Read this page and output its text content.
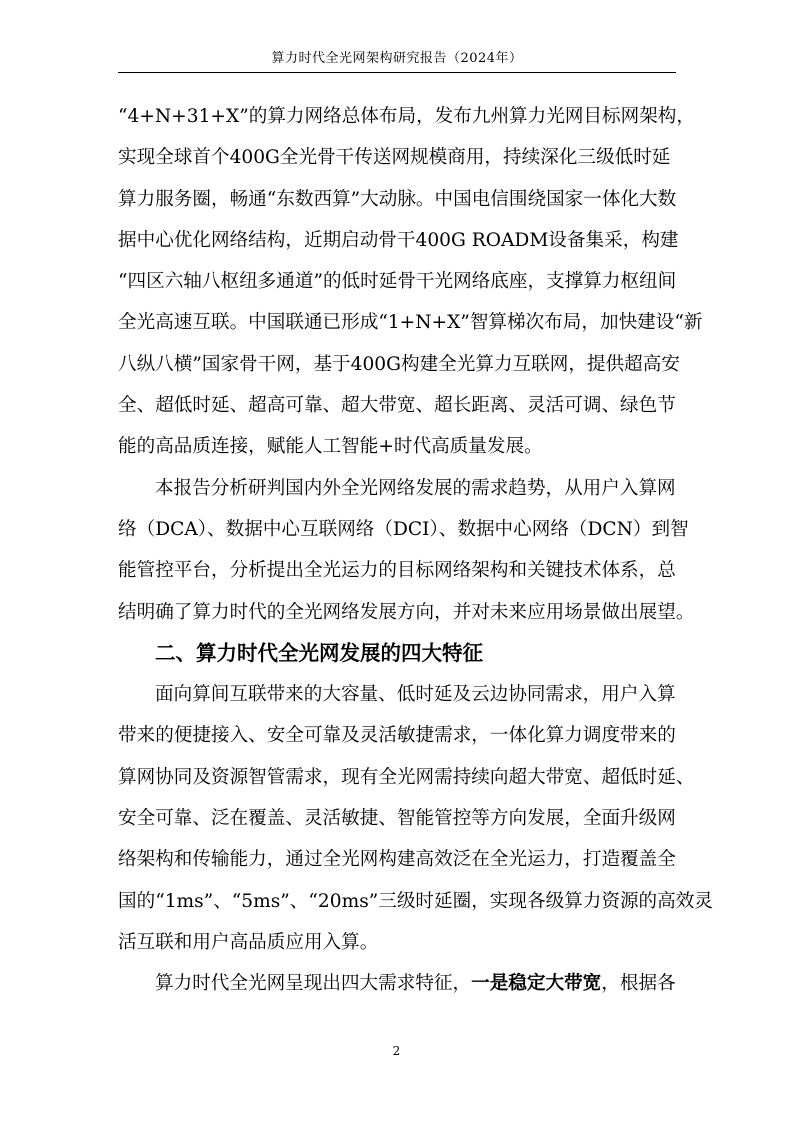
算力时代全光网架构研究报告（2024年）
“4+N+31+X”的算力网络总体布局，发布九州算力光网目标网架构，
实现全球首个400G全光骨干传送网规模商用，持续深化三级低时延
算力服务圈，畅通“东数西算”大动脉。中国电信围绕国家一体化大数
据中心优化网络结构，近期启动骨干400G ROADM设备集采，构建
“四区六轴八枢纽多通道”的低时延骨干光网络底座，支撑算力枢纽间
全光高速互联。中国联通已形成“1+N+X”智算梯次布局，加快建设“新
八纵八横”国家骨干网，基于400G构建全光算力互联网，提供超高安
全、超低时延、超高可靠、超大带宽、超长距离、灵活可调、绿色节
能的高品质连接，赋能人工智能+时代高质量发展。
本报告分析研判国内外全光网络发展的需求趋势，从用户入算网
络（DCA）、数据中心互联网络（DCI）、数据中心网络（DCN）到智
能管控平台，分析提出全光运力的目标网络架构和关键技术体系，总
结明确了算力时代的全光网络发展方向，并对未来应用场景做出展望。
二、算力时代全光网发展的四大特征
面向算间互联带来的大容量、低时延及云边协同需求，用户入算
带来的便捷接入、安全可靠及灵活敏捷需求，一体化算力调度带来的
算网协同及资源智管需求，现有全光网需持续向超大带宽、超低时延、
安全可靠、泛在覆盖、灵活敏捷、智能管控等方向发展，全面升级网
络架构和传输能力，通过全光网构建高效泛在全光运力，打造覆盖全
国的“1ms”、“5ms”、“20ms”三级时延圈，实现各级算力资源的高效灵
活互联和用户高品质应用入算。
算力时代全光网呈现出四大需求特征，一是稳定大带宽，根据各
2
